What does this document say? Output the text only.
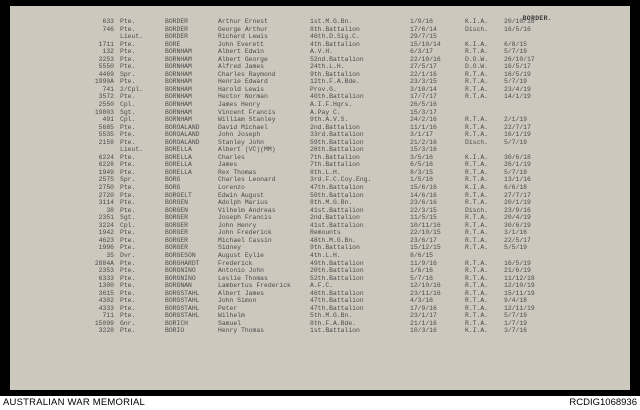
BORDER.
633 Pte.	BORDER	Arthur Ernest	1st.M.G.Bn.	1/9/16	K.I.A.	20/10/16
746 Pte.	BORDER	George Arthur	8th.Battalion	17/6/14	Disch.	16/5/16
Lieut.	BORDER	Richard Lewis	46th.D.Sig.C.	29/7/15
1711 Pte.	BORE	John Everett	4th.Battalion	15/10/14	K.I.A.	6/8/15
132 Pte.	BORNHAM	Albert Edwin	A.V.H.	6/3/17	R.T.A.	5/7/19
3253 Pte.	BORNHAM	Albert George	52nd.Battalion	22/10/16	D.O.W.	26/10/17
5550 Pte.	BORNHAM	Alfred James	24th.L.H.	27/5/17	D.O.W.	16/5/17
4469 Spr.	BORNHAM	Charles Raymond	9th.Battalion	22/1/16	R.T.A.	16/5/19
1990A Pte.	BORNHAM	Henrie Edward	12th.F.A.Bde.	23/3/15	R.T.A.	5/7/19
741 2/Cpl.	BORNHAM	Harold Lewis	Prov.G.	3/10/14	R.T.A.	23/4/19
3572 Pte.	BORNHAM	Hector Norman	40th.Battalion	17/7/17	R.T.A.	14/1/19
2550 Cpl.	BORNHAM	James Henry	A.I.F.Hqrs.	26/5/16
19803 Sgt.	BORNHAM	Vincent Francis	A.Pay C.	15/3/17
491 Cpl.	BORNHAM	William Stanley	9th.A.V.S.	24/2/16	R.T.A.	2/1/19
5685 Pte.	BOROALAND	David Michael	2nd.Battalion	11/1/16	R.T.A.	22/7/17
5535 Pte.	BOROALAND	John Joseph	33rd.Battalion	3/1/17	R.T.A.	16/1/19
2158 Pte.	BOROALAND	Stanley John	59th.Battalion	21/2/16	Disch.	5/7/19
Lieut.	BORELLA	Albert (VC)(MM)	26th.Battalion	15/3/16
6224 Pte.	BORELLA	Charles	7th.Battalion	3/5/16	K.I.A.	30/6/18
6228 Pte.	BORELLA	James	7th.Battalion	6/5/16	R.T.A.	26/1/19
1949 Pte.	BORELLA	Rex Thomas	8th.L.H.	8/3/15	R.T.A.	5/7/19
2575 Spr.	BORG	Charles Leonard	3rd.F.C.Coy.Eng.	1/5/16	R.T.A.	13/1/16
2750 Pte.	BORG	Lorenzo	47th.Battalion	15/6/16	K.I.A.	6/6/18
2720 Pte.	BORGELT	Edwin August	50th.Battalion	14/6/16	R.T.A.	27/7/17
3114 Pte.	BORGEN	Adolph Marius	8th.M.G.Bn.	23/6/16	R.T.A.	20/1/19
38 Pte.	BORGEN	Vilhelm Andreas	41st.Battalion	22/3/15	Disch.	23/9/16
2351 Sgt.	BORGER	Joseph Francis	2nd.Battalion	11/5/15	R.T.A.	20/4/19
3224 Cpl.	BORGER	John Henry	41st.Battalion	10/11/16	R.T.A.	30/6/19
1942 Pte.	BORGER	John Frederick	Remounts	22/10/15	R.T.A.	3/1/16
4623 Pte.	BORGER	Michael Cassin	48th.M.G.Bn.	23/6/17	R.T.A.	22/5/17
1996 Pte.	BORGER	Sidney	9th.Battalion	15/12/15	R.T.A.	5/5/19
35 Dvr.	BORGESON	August Eylie	4th.L.H.	8/6/15
2884A Pte.	BORGHARDT	Frederick	49th.Battalion	11/9/16	R.T.A.	16/5/19
2353 Pte.	BORGNINO	Antonio John	20th.Battalion	1/6/16	R.T.A.	21/6/19
6333 Pte.	BORGNINO	Leslie Thomas	52th.Battalion	5/7/16	R.T.A.	11/12/18
1300 Pte.	BORGNAN	Lambertus Frederick	A.F.C.	12/10/16	R.T.A.	12/10/19
3615 Pte.	BORGSTAHL	Albert James	46th.Battalion	23/11/16	R.T.A.	15/11/19
4302 Pte.	BORGSTAHL	John Simon	47th.Battalion	4/3/16	R.T.A.	9/4/18
4333 Pte.	BORGSTAHL	Peter	47th.Battalion	17/9/16	R.T.A.	12/11/19
711 Pte.	BORGSTAHL	Wilhelm	5th.M.G.Bn.	23/1/17	R.T.A.	5/7/19
15099 Gnr.	BORICH	Samuel	8th.F.A.Bde.	21/1/16	R.T.A.	1/7/19
3228 Pte.	BORIO	Henry Thomas	1st.Battalion	10/3/16	K.I.A.	3/7/16
AUSTRALIAN WAR MEMORIAL	RCDIG1068936
